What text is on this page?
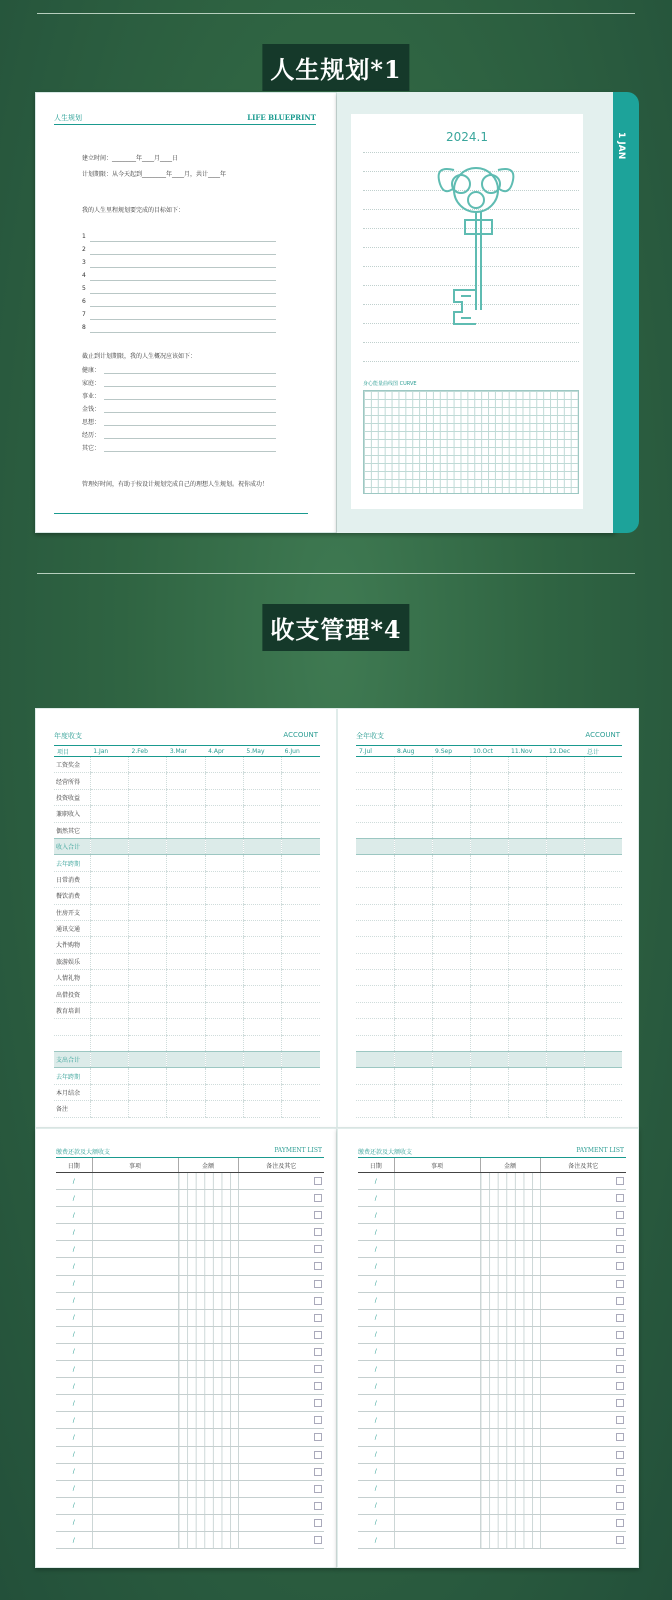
人生规划*1
人生规划	LIFE BLUEPRINT
建立时间：________年____月____日
计划期限：从今天起到________年____月，共计____年
我的人生里程规划要完成的目标如下：
1
2
3
4
5
6
7
8
截止到计划期限，我的人生概况应该如下：
健康：
家庭：
事业：
金钱：
思想：
经历：
其它：
管理好时间，有助于按设计规划完成自己的理想人生规划。祝你成功！
2024.1
身心能量曲线图 CURVE
1 JAN
收支管理*4
年度收支	ACCOUNT
项目	1.Jan	2.Feb	3.Mar	4.Apr	5.May	6.Jun
工资奖金						
经营所得						
投资收益						
兼职收入						
偶然其它						
收入合计						
去年跨期						
日常消费						
餐饮消费						
住房开支						
通讯交通						
大件购物						
旅游娱乐						
人情礼物						
出借投资						
教育培训						

支出合计						
去年跨期						
本月结余						
备注						
全年收支	ACCOUNT
7.Jul	8.Aug	9.Sep	10.Oct	11.Nov	12.Dec	总计

缴费还款及大额收支	PAYMENT LIST
日期	事项	金额	备注及其它
/			

/			

/			

/			

/			

/			

/			

/			

/			

/			

/			

/			

/			

/			

/			

/			

/			

/			

/			

/			

/			

/			
缴费还款及大额收支	PAYMENT LIST
日期	事项	金额	备注及其它
/			

/			

/			

/			

/			

/			

/			

/			

/			

/			

/			

/			

/			

/			

/			

/			

/			

/			

/			

/			

/			

/			
